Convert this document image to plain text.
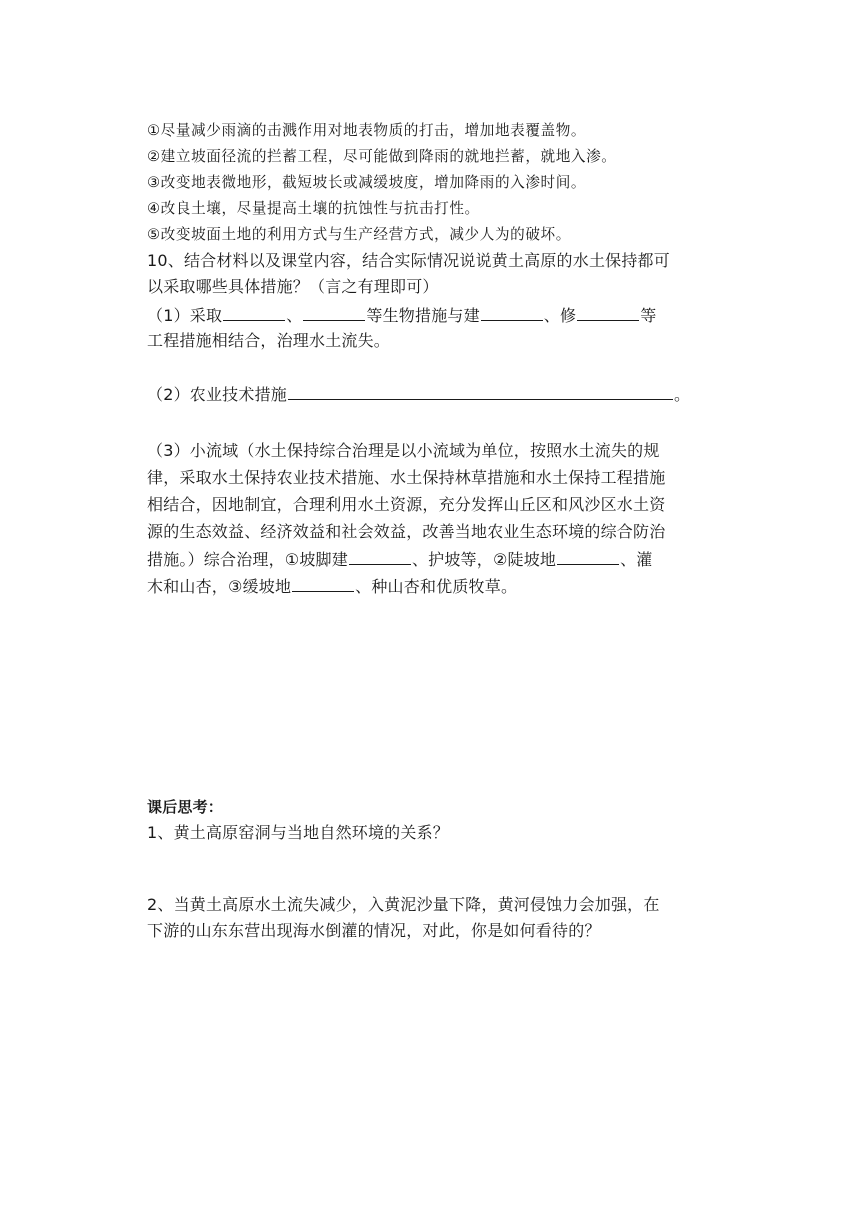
①尽量减少雨滴的击溅作用对地表物质的打击，增加地表覆盖物。
②建立坡面径流的拦蓄工程，尽可能做到降雨的就地拦蓄，就地入渗。
③改变地表微地形，截短坡长或减缓坡度，增加降雨的入渗时间。
④改良土壤，尽量提高土壤的抗蚀性与抗击打性。
⑤改变坡面土地的利用方式与生产经营方式，减少人为的破坏。
10、结合材料以及课堂内容，结合实际情况说说黄土高原的水土保持都可
以采取哪些具体措施？（言之有理即可）
（1）采取	、	等生物措施与建	、修	等
工程措施相结合，治理水土流失。
（2）农业技术措施	。
（3）小流域（水土保持综合治理是以小流域为单位，按照水土流失的规
律，采取水土保持农业技术措施、水土保持林草措施和水土保持工程措施
相结合，因地制宜，合理利用水土资源，充分发挥山丘区和风沙区水土资
源的生态效益、经济效益和社会效益，改善当地农业生态环境的综合防治
措施。）综合治理，①坡脚建	、护坡等，②陡坡地	、灌
木和山杏，③缓坡地	、种山杏和优质牧草。
课后思考：
1、黄土高原窑洞与当地自然环境的关系？
2、当黄土高原水土流失减少，入黄泥沙量下降，黄河侵蚀力会加强，在
下游的山东东营出现海水倒灌的情况，对此，你是如何看待的？
